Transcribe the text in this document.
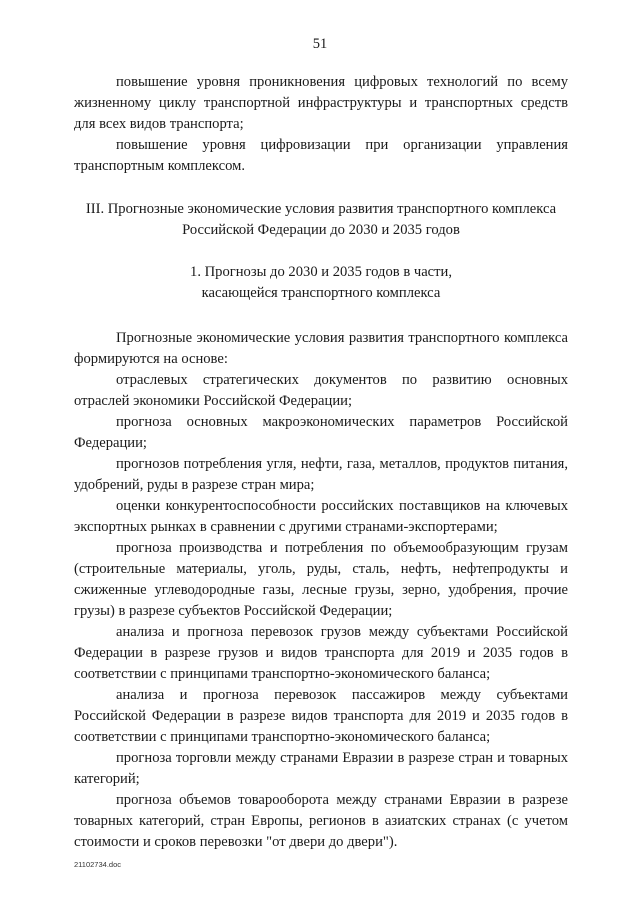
51

повышение уровня проникновения цифровых технологий по всему жизненному циклу транспортной инфраструктуры и транспортных средств для всех видов транспорта;

повышение уровня цифровизации при организации управления транспортным комплексом.

III. Прогнозные экономические условия развития транспортного комплекса

Российской Федерации до 2030 и 2035 годов

1. Прогнозы до 2030 и 2035 годов в части,

касающейся транспортного комплекса

Прогнозные экономические условия развития транспортного комплекса формируются на основе:

отраслевых стратегических документов по развитию основных отраслей экономики Российской Федерации;

прогноза основных макроэкономических параметров Российской Федерации;

прогнозов потребления угля, нефти, газа, металлов, продуктов питания, удобрений, руды в разрезе стран мира;

оценки конкурентоспособности российских поставщиков на ключевых экспортных рынках в сравнении с другими странами-экспортерами;

прогноза производства и потребления по объемообразующим грузам (строительные материалы, уголь, руды, сталь, нефть, нефтепродукты и сжиженные углеводородные газы, лесные грузы, зерно, удобрения, прочие грузы) в разрезе субъектов Российской Федерации;

анализа и прогноза перевозок грузов между субъектами Российской Федерации в разрезе грузов и видов транспорта для 2019 и 2035 годов в соответствии с принципами транспортно-экономического баланса;

анализа и прогноза перевозок пассажиров между субъектами Российской Федерации в разрезе видов транспорта для 2019 и 2035 годов в соответствии с принципами транспортно-экономического баланса;

прогноза торговли между странами Евразии в разрезе стран и товарных категорий;

прогноза объемов товарооборота между странами Евразии в разрезе товарных категорий, стран Европы, регионов в азиатских странах (с учетом стоимости и сроков перевозки "от двери до двери").

21102734.doc
